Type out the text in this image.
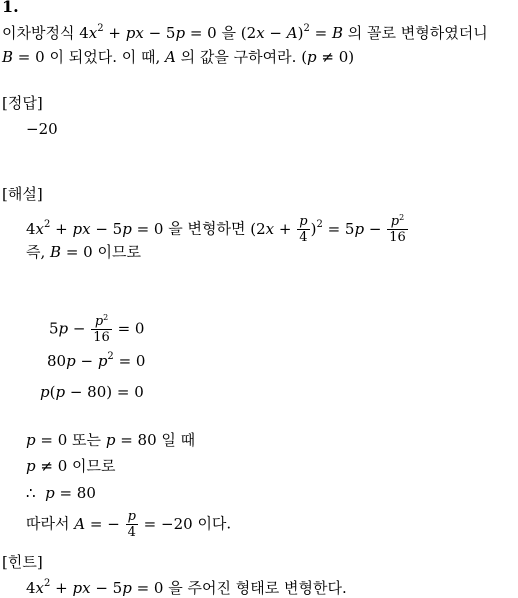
1.
이차방정식 $4x^2$ + px − 5p = 0 을 $(2x - A)^2 = B$ 의 꼴로 변형하였더니
B = 0 이 되었다. 이 때, A 의 값을 구하여라. (p ≠ 0)
[정답]
−20
[해설]
$4x^2$ + px − 5p = 0 을 변형하면 $(2x + \frac{p}{4} )^2 = 5p - \frac{p^2}{16}$
즉, B = 0 이므로
$5p - \frac{p^2}{16} = 0$
$80p - p^2 = 0$
p(p − 80) = 0
p = 0 또는 p = 80 일 때
p ≠ 0 이므로
∴  p = 80
따라서 A = − $\frac{p}{4} = -20$ 이다.
[힌트]
$4x^2$ + px − 5p = 0 을 주어진 형태로 변형한다.
